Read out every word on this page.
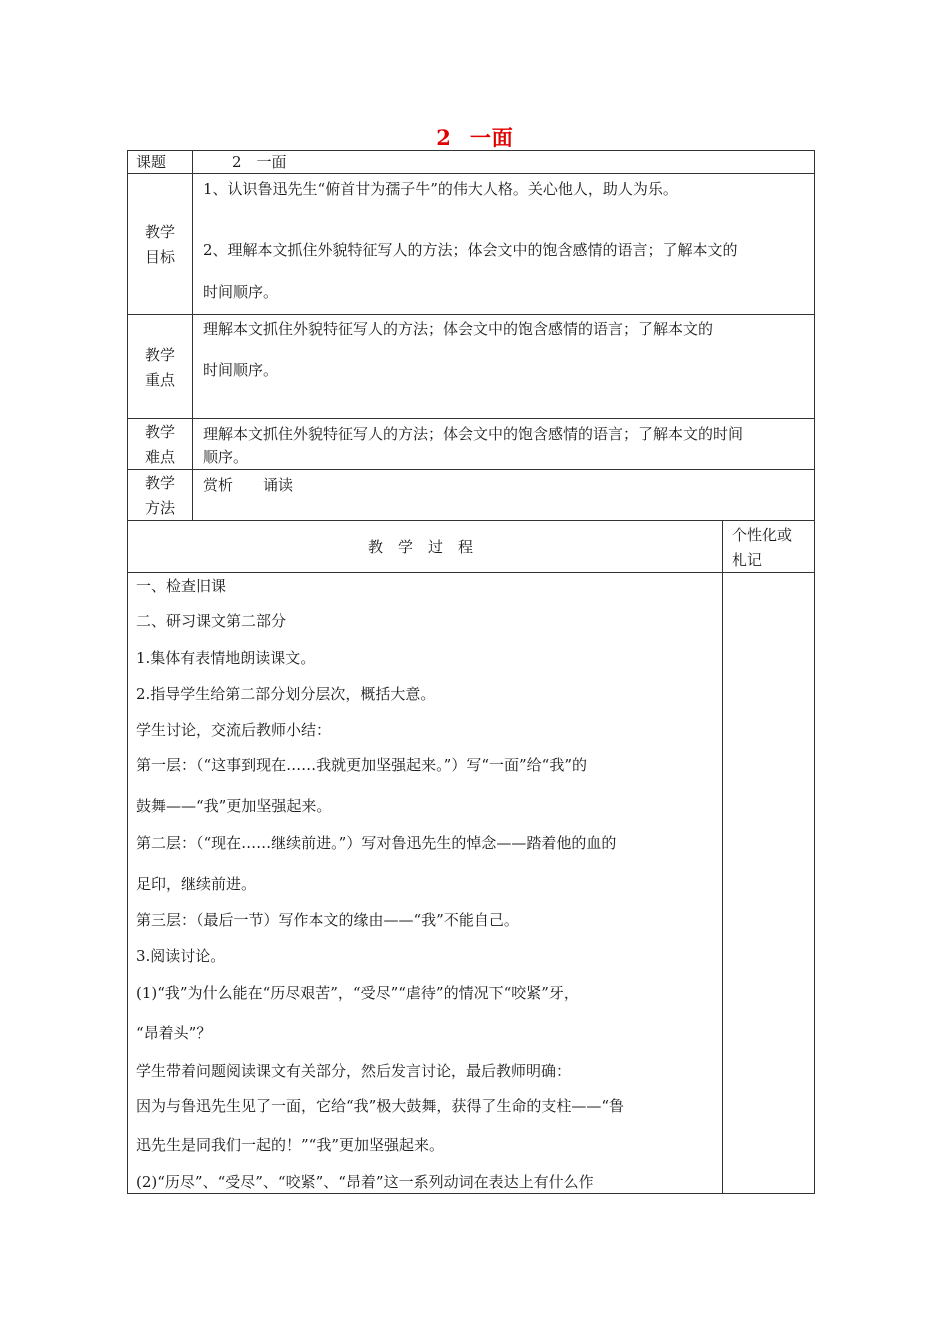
2 一面
课题	2　一面
教学
目标
1、认识鲁迅先生“俯首甘为孺子牛”的伟大人格。关心他人，助人为乐。
2、理解本文抓住外貌特征写人的方法；体会文中的饱含感情的语言；了解本文的
时间顺序。
教学
重点
理解本文抓住外貌特征写人的方法；体会文中的饱含感情的语言；了解本文的
时间顺序。
教学
难点
理解本文抓住外貌特征写人的方法；体会文中的饱含感情的语言；了解本文的时间
顺序。
教学
方法
赏析　　诵读
教　学　过　程
个性化或
札记
一、检查旧课
二、研习课文第二部分
1.集体有表情地朗读课文。
2.指导学生给第二部分划分层次，概括大意。
学生讨论，交流后教师小结：
第一层：（“这事到现在……我就更加坚强起来。”）写“一面”给“我”的
鼓舞——“我”更加坚强起来。
第二层：（“现在……继续前进。”）写对鲁迅先生的悼念——踏着他的血的
足印，继续前进。
第三层：（最后一节）写作本文的缘由——“我”不能自己。
3.阅读讨论。
(1)“我”为什么能在“历尽艰苦”，“受尽”“虐待”的情况下“咬紧”牙，
“昂着头”？
学生带着问题阅读课文有关部分，然后发言讨论，最后教师明确：
因为与鲁迅先生见了一面，它给“我”极大鼓舞，获得了生命的支柱——“鲁
迅先生是同我们一起的！”“我”更加坚强起来。
(2)“历尽”、“受尽”、“咬紧”、“昂着”这一系列动词在表达上有什么作
